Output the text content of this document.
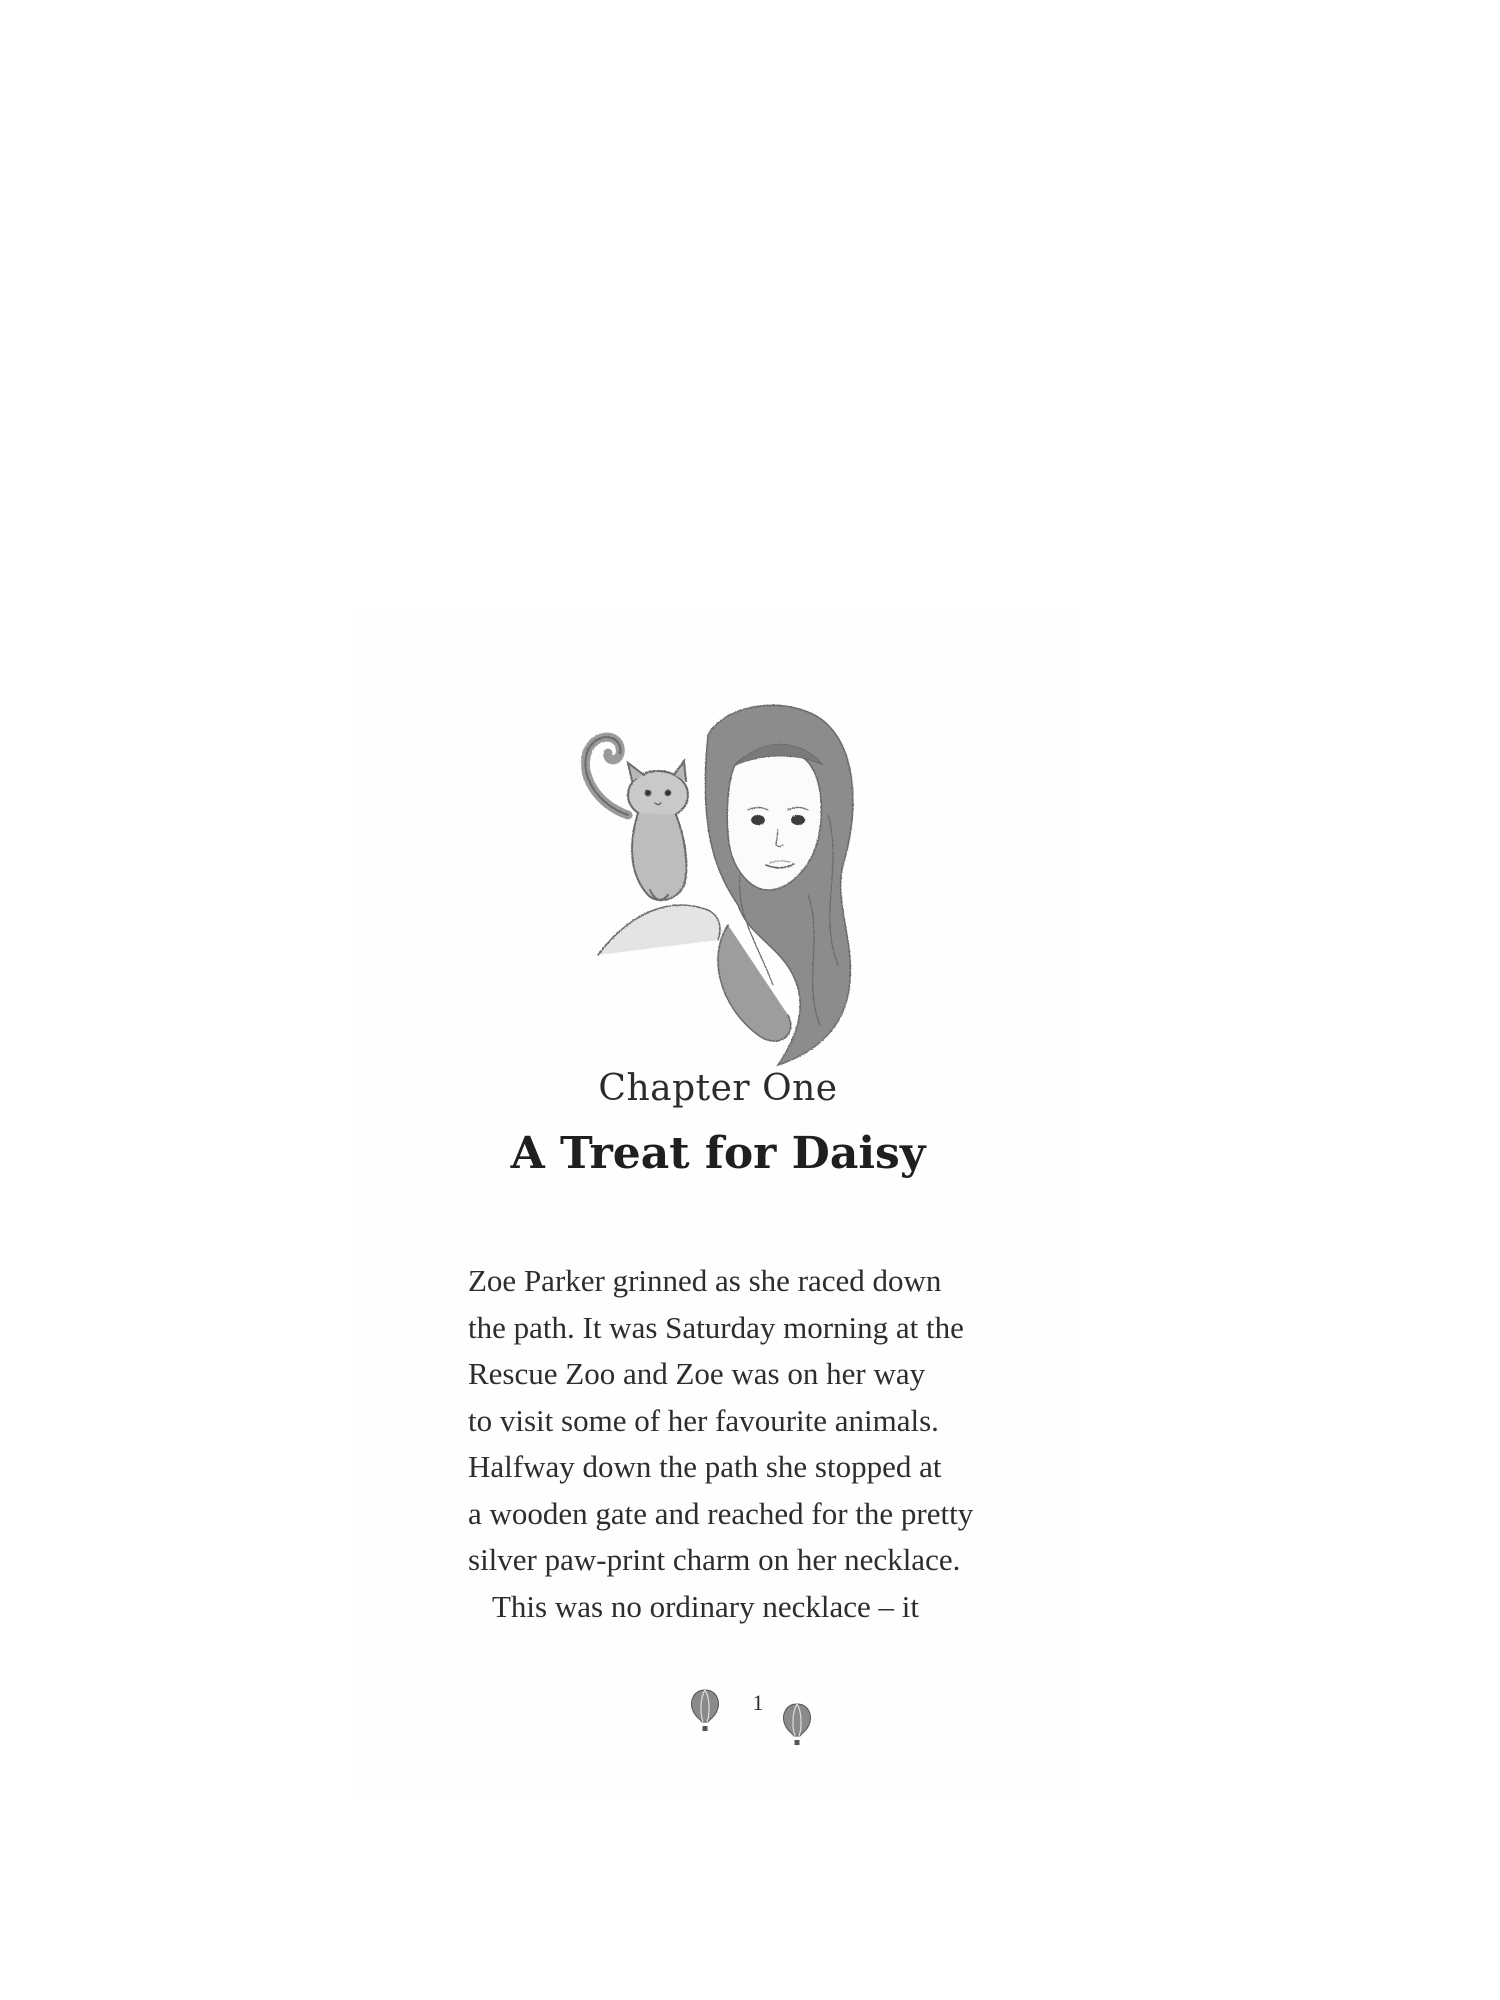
Chapter One
A Treat for Daisy
Zoe Parker grinned as she raced down
the path. It was Saturday morning at the
Rescue Zoo and Zoe was on her way
to visit some of her favourite animals.
Halfway down the path she stopped at
a wooden gate and reached for the pretty
silver paw-print charm on her necklace.
This was no ordinary necklace – it
1
